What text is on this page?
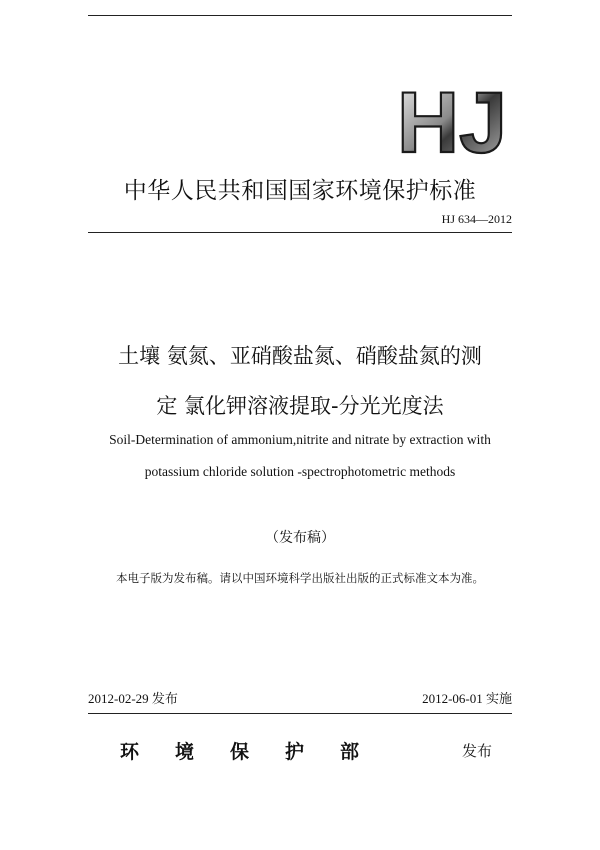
HJ
中华人民共和国国家环境保护标准
HJ 634—2012
土壤 氨氮、亚硝酸盐氮、硝酸盐氮的测
定 氯化钾溶液提取-分光光度法
Soil-Determination of ammonium,nitrite and nitrate by extraction with
potassium chloride solution -spectrophotometric methods
（发布稿）
本电子版为发布稿。请以中国环境科学出版社出版的正式标准文本为准。
2012-02-29 发布	2012-06-01 实施
环境保护部	发布
